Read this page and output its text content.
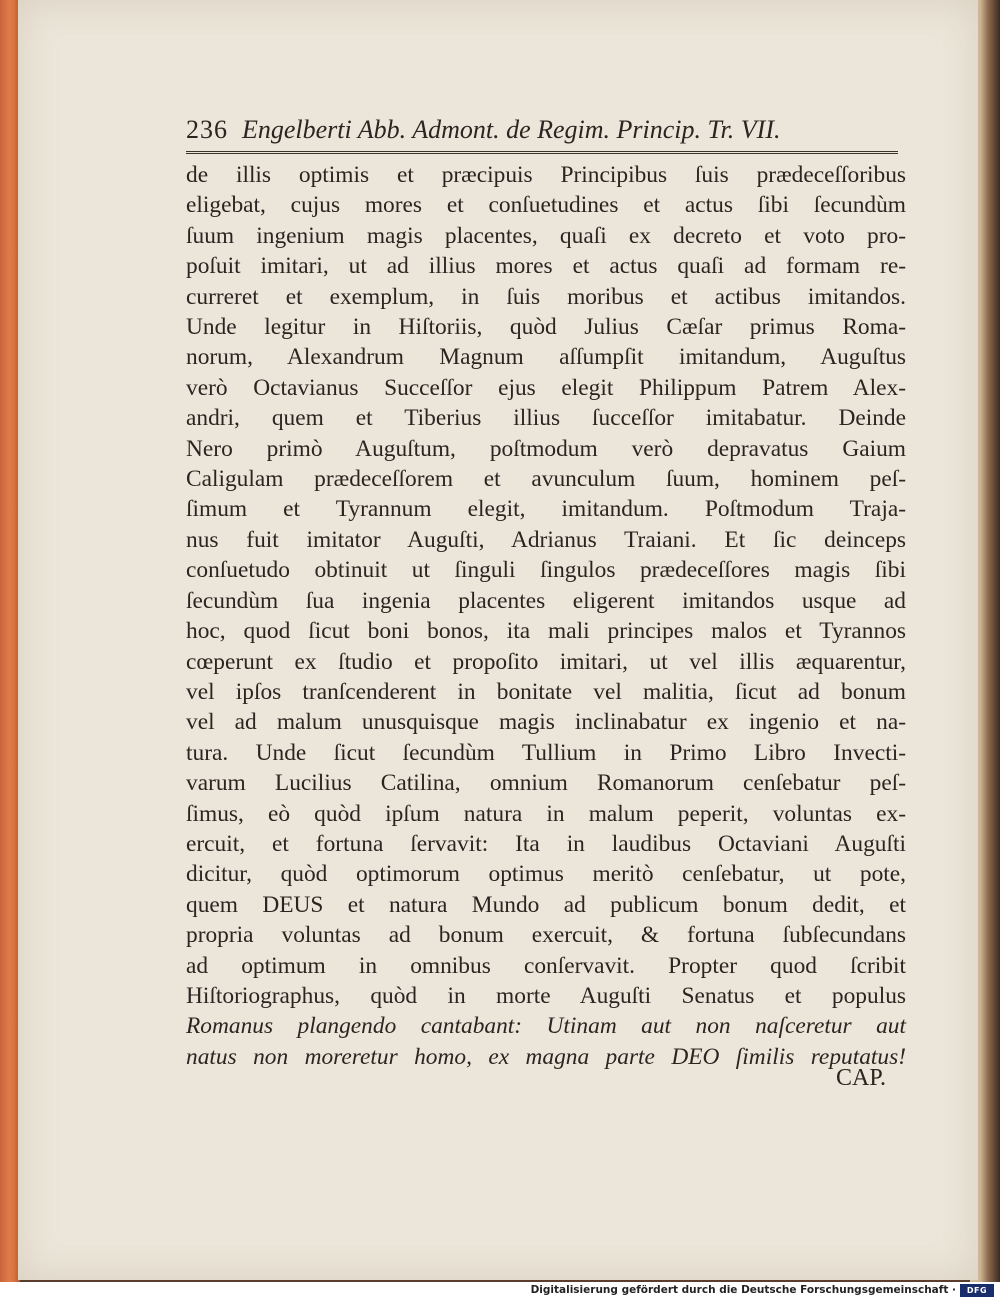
236 Engelberti Abb. Admont. de Regim. Princip. Tr. VII.
de illis optimis et præcipuis Principibus ſuis prædeceſſoribus
eligebat, cujus mores et conſuetudines et actus ſibi ſecundùm
ſuum ingenium magis placentes, quaſi ex decreto et voto pro-
poſuit imitari, ut ad illius mores et actus quaſi ad formam re-
curreret et exemplum, in ſuis moribus et actibus imitandos.
Unde legitur in Hiſtoriis, quòd Julius Cæſar primus Roma-
norum, Alexandrum Magnum aſſumpſit imitandum, Auguſtus
verò Octavianus Succeſſor ejus elegit Philippum Patrem Alex-
andri, quem et Tiberius illius ſucceſſor imitabatur. Deinde
Nero primò Auguſtum, poſtmodum verò depravatus Gaium
Caligulam prædeceſſorem et avunculum ſuum, hominem peſ-
ſimum et Tyrannum elegit, imitandum. Poſtmodum Traja-
nus fuit imitator Auguſti, Adrianus Traiani. Et ſic deinceps
conſuetudo obtinuit ut ſinguli ſingulos prædeceſſores magis ſibi
ſecundùm ſua ingenia placentes eligerent imitandos usque ad
hoc, quod ſicut boni bonos, ita mali principes malos et Tyrannos
cœperunt ex ſtudio et propoſito imitari, ut vel illis æquarentur,
vel ipſos tranſcenderent in bonitate vel malitia, ſicut ad bonum
vel ad malum unusquisque magis inclinabatur ex ingenio et na-
tura. Unde ſicut ſecundùm Tullium in Primo Libro Invecti-
varum Lucilius Catilina, omnium Romanorum cenſebatur peſ-
ſimus, eò quòd ipſum natura in malum peperit, voluntas ex-
ercuit, et fortuna ſervavit: Ita in laudibus Octaviani Auguſti
dicitur, quòd optimorum optimus meritò cenſebatur, ut pote,
quem DEUS et natura Mundo ad publicum bonum dedit, et
propria voluntas ad bonum exercuit, & fortuna ſubſecundans
ad optimum in omnibus conſervavit. Propter quod ſcribit
Hiſtoriographus, quòd in morte Auguſti Senatus et populus
Romanus plangendo cantabant: Utinam aut non naſceretur aut
natus non moreretur homo, ex magna parte DEO ſimilis reputatus!
CAP.
Digitalisierung gefördert durch die Deutsche Forschungsgemeinschaft ·	DFG
